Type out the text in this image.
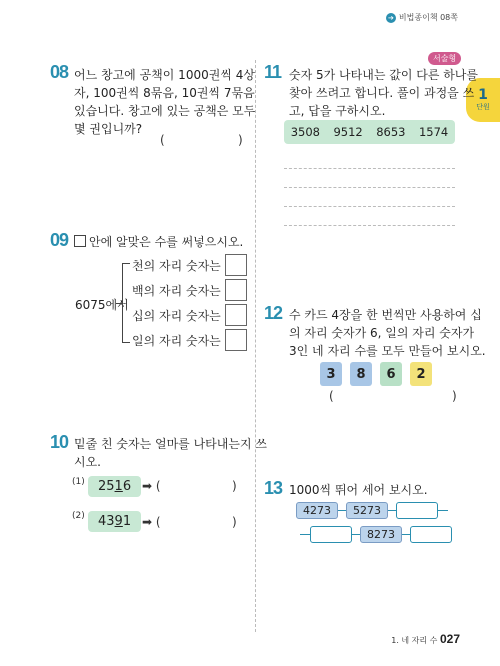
➔ 비법종이책 08쪽
1
단원
08 어느 창고에 공책이 1000권씩 4상
자, 100권씩 8묶음, 10권씩 7묶음
있습니다. 창고에 있는 공책은 모두
몇 권입니까?
(	)
09	안에 알맞은 수를 써넣으시오.
6075에서
천의 자리 숫자는
백의 자리 숫자는
십의 자리 숫자는
일의 자리 숫자는
10 밑줄 친 숫자는 얼마를 나타내는지 쓰
시오.
(1)	2516 ➡ (	)
(2)	4391 ➡ (	)
서술형
11 숫자 5가 나타내는 값이 다른 하나를
찾아 쓰려고 합니다. 풀이 과정을 쓰
고, 답을 구하시오.
3508 9512 8653 1574
12 수 카드 4장을 한 번씩만 사용하여 십
의 자리 숫자가 6, 일의 자리 숫자가
3인 네 자리 수를 모두 만들어 보시오.
3	8	6	2
(	)
13 1000씩 뛰어 세어 보시오.
4273	5273
8273
1. 네 자리 수 027
